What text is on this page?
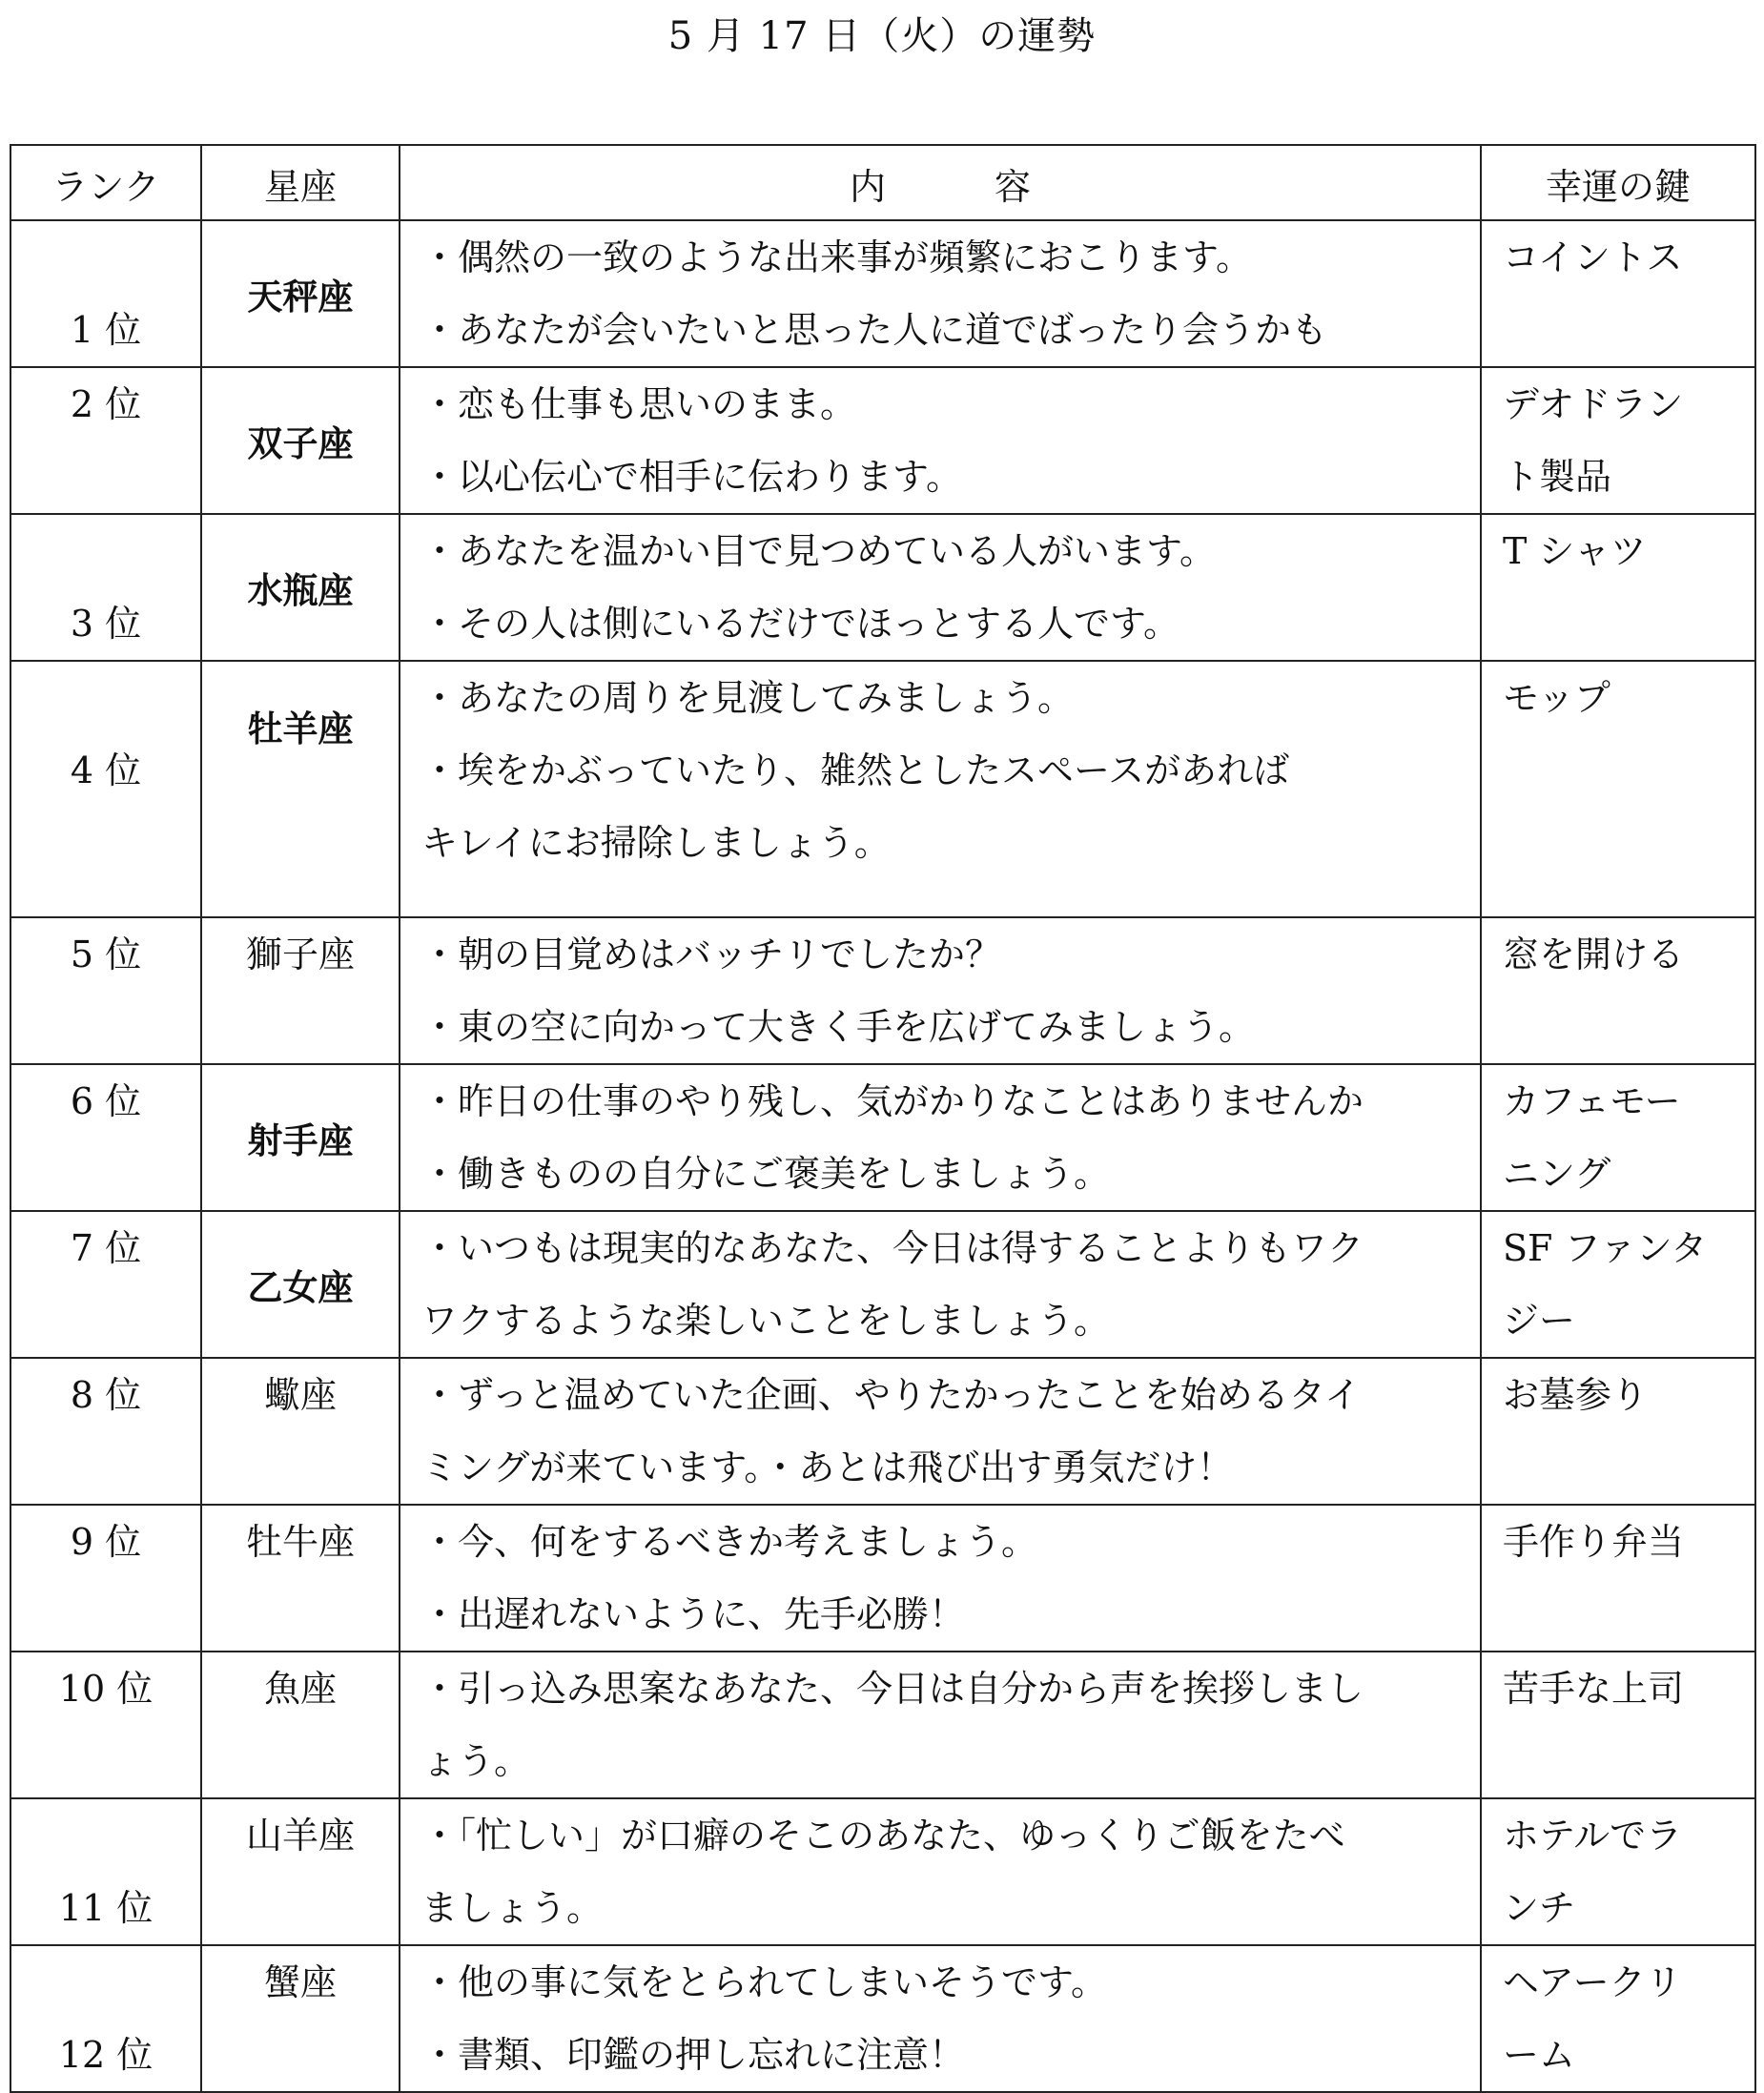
5 月 17 日（火）の運勢
ランク	星座	内　　　容	幸運の鍵

1 位	天秤座	・偶然の一致のような出来事が頻繁におこります。
・あなたが会いたいと思った人に道でばったり会うかも	コイントス

2 位	双子座	・恋も仕事も思いのまま。
・以心伝心で相手に伝わります。	デオドラン
ト製品

3 位	水瓶座	・あなたを温かい目で見つめている人がいます。
・その人は側にいるだけでほっとする人です。	T シャツ

4 位	牡羊座	・あなたの周りを見渡してみましょう。
・埃をかぶっていたり、雑然としたスペースがあれば
キレイにお掃除しましょう。	モップ

5 位	獅子座	・朝の目覚めはバッチリでしたか？
・東の空に向かって大きく手を広げてみましょう。	窓を開ける

6 位	射手座	・昨日の仕事のやり残し、気がかりなことはありませんか
・働きものの自分にご褒美をしましょう。	カフェモー
ニング

7 位	乙女座	・いつもは現実的なあなた、今日は得することよりもワク
ワクするような楽しいことをしましょう。	SF ファンタ
ジー

8 位	蠍座	・ずっと温めていた企画、やりたかったことを始めるタイ
ミングが来ています。・あとは飛び出す勇気だけ！	お墓参り

9 位	牡牛座	・今、何をするべきか考えましょう。
・出遅れないように、先手必勝！	手作り弁当

10 位	魚座	・引っ込み思案なあなた、今日は自分から声を挨拶しまし
ょう。	苦手な上司

11 位	山羊座	・「忙しい」が口癖のそこのあなた、ゆっくりご飯をたべ
ましょう。	ホテルでラ
ンチ

12 位	蟹座	・他の事に気をとられてしまいそうです。
・書類、印鑑の押し忘れに注意！	ヘアークリ
ーム
